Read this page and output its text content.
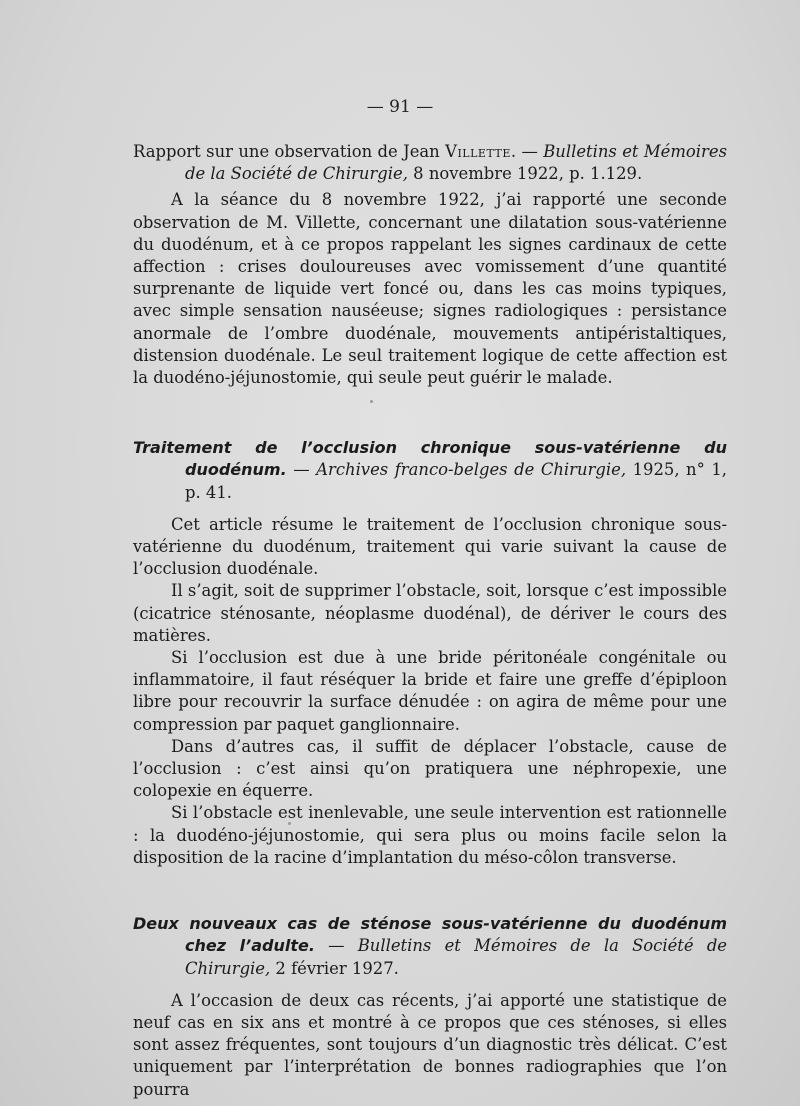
— 91 —

Rapport sur une observation de Jean Villette. — Bulletins et Mémoires de la Société de Chirurgie, 8 novembre 1922, p. 1.129.

A la séance du 8 novembre 1922, j’ai rapporté une seconde observation de M. Villette, concernant une dilatation sous-vatérienne du duodénum, et à ce propos rappelant les signes cardinaux de cette affection : crises douloureuses avec vomissement d’une quantité surprenante de liquide vert foncé ou, dans les cas moins typiques, avec simple sensation nauséeuse; signes radiologiques : persistance anormale de l’ombre duodénale, mouvements antipéristaltiques, distension duodénale. Le seul traitement logique de cette affection est la duodéno-jéjunostomie, qui seule peut guérir le malade.

Traitement de l’occlusion chronique sous-vatérienne du duodénum. — Archives franco-belges de Chirurgie, 1925, n° 1, p. 41.

Cet article résume le traitement de l’occlusion chronique sous-vatérienne du duodénum, traitement qui varie suivant la cause de l’occlusion duodénale.

Il s’agit, soit de supprimer l’obstacle, soit, lorsque c’est impossible (cicatrice sténosante, néoplasme duodénal), de dériver le cours des matières.

Si l’occlusion est due à une bride péritonéale congénitale ou inflammatoire, il faut réséquer la bride et faire une greffe d’épiploon libre pour recouvrir la surface dénudée : on agira de même pour une compression par paquet ganglionnaire.

Dans d’autres cas, il suffit de déplacer l’obstacle, cause de l’occlusion : c’est ainsi qu’on pratiquera une néphropexie, une colopexie en équerre.

Si l’obstacle est inenlevable, une seule intervention est rationnelle : la duodéno-jéjunostomie, qui sera plus ou moins facile selon la disposition de la racine d’implantation du méso-côlon transverse.

Deux nouveaux cas de sténose sous-vatérienne du duodénum chez l’adulte. — Bulletins et Mémoires de la Société de Chirurgie, 2 février 1927.

A l’occasion de deux cas récents, j’ai apporté une statistique de neuf cas en six ans et montré à ce propos que ces sténoses, si elles sont assez fréquentes, sont toujours d’un diagnostic très délicat. C’est uniquement par l’interprétation de bonnes radiographies que l’on pourra
